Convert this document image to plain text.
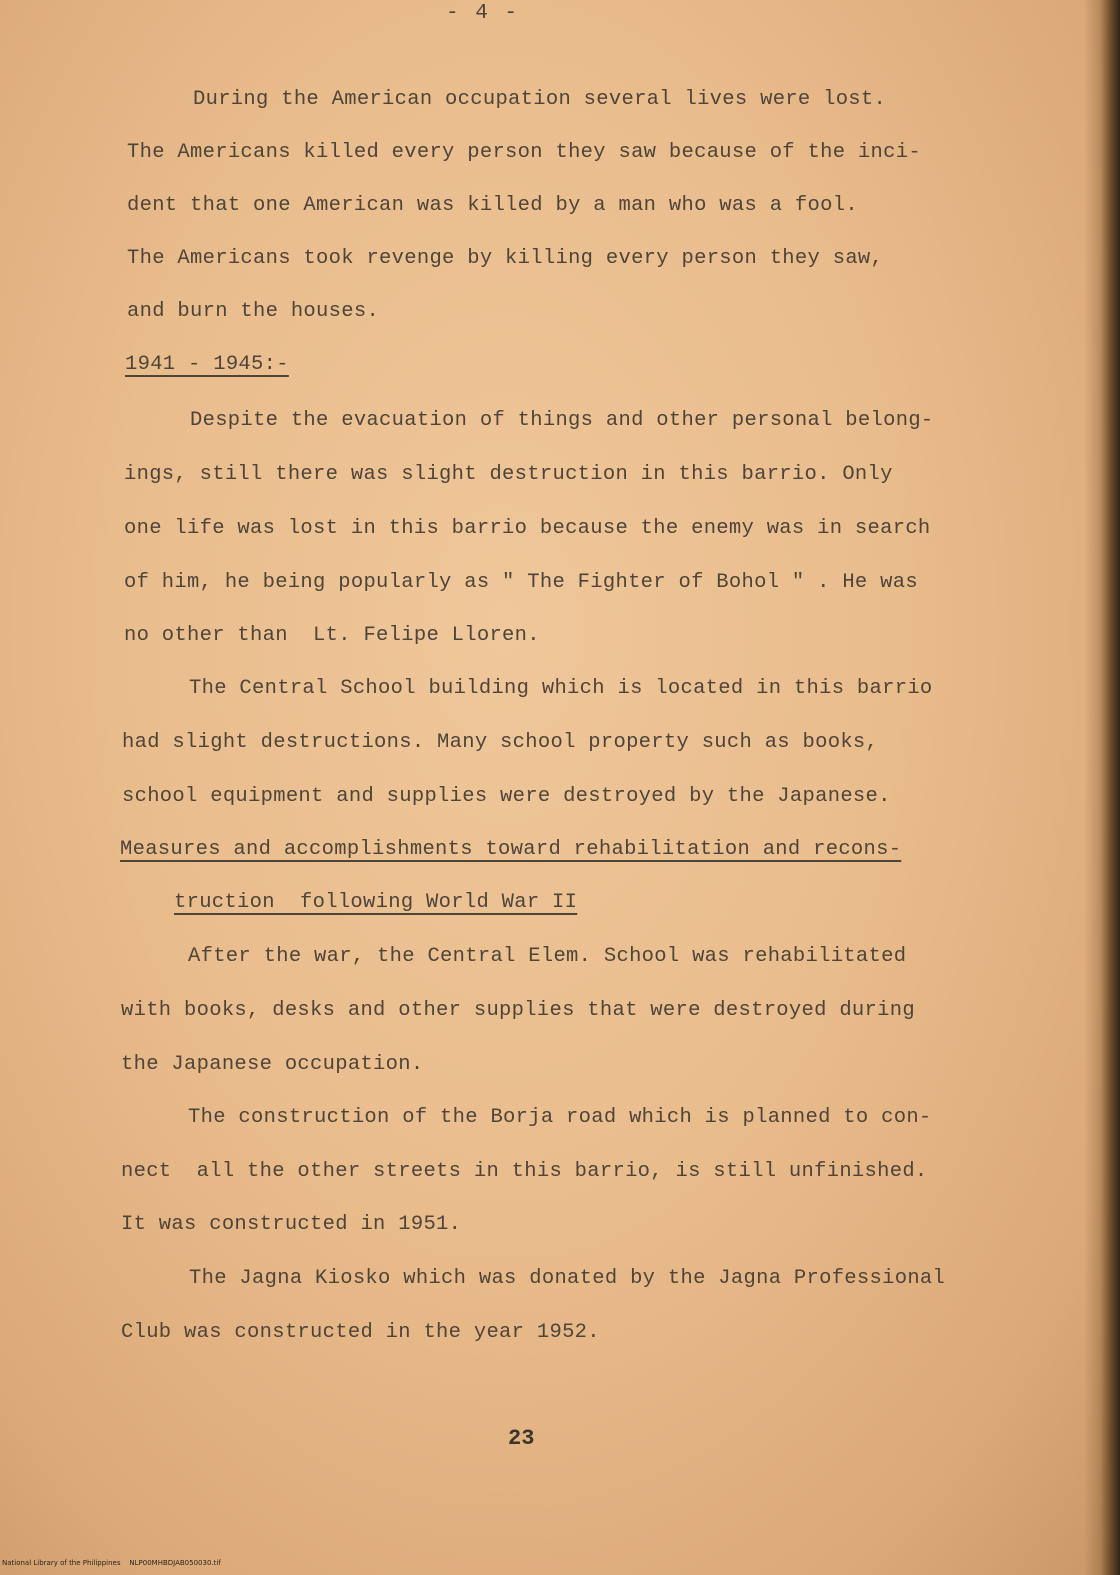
- 4 -
During the American occupation several lives were lost.
The Americans killed every person they saw because of the inci-
dent that one American was killed by a man who was a fool.
The Americans took revenge by killing every person they saw,
and burn the houses.
1941 - 1945:-
Despite the evacuation of things and other personal belong-
ings, still there was slight destruction in this barrio. Only
one life was lost in this barrio because the enemy was in search
of him, he being popularly as " The Fighter of Bohol " . He was
no other than  Lt. Felipe Lloren.
The Central School building which is located in this barrio
had slight destructions. Many school property such as books,
school equipment and supplies were destroyed by the Japanese.
Measures and accomplishments toward rehabilitation and recons-
truction  following World War II
After the war, the Central Elem. School was rehabilitated
with books, desks and other supplies that were destroyed during
the Japanese occupation.
The construction of the Borja road which is planned to con-
nect  all the other streets in this barrio, is still unfinished.
It was constructed in 1951.
The Jagna Kiosko which was donated by the Jagna Professional
Club was constructed in the year 1952.
23
National Library of the Philippines    NLP00MHBDJAB050030.tif
